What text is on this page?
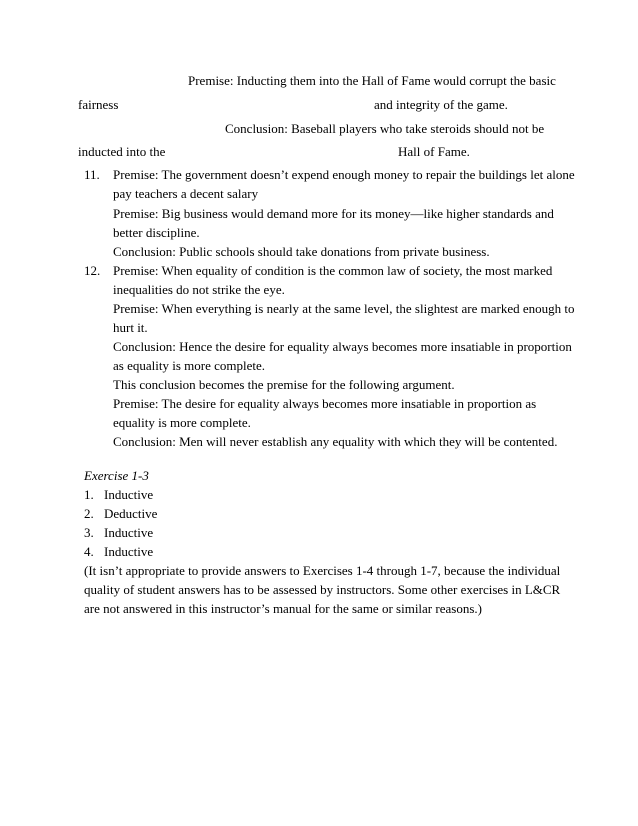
Premise: Inducting them into the Hall of Fame would corrupt the basic
fairness	and integrity of the game.
Conclusion: Baseball players who take steroids should not be
inducted into the	Hall of Fame.
11. Premise: The government doesn’t expend enough money to repair the buildings let alone
pay teachers a decent salary
Premise: Big business would demand more for its money—like higher standards and
better discipline.
Conclusion: Public schools should take donations from private business.
12. Premise: When equality of condition is the common law of society, the most marked
inequalities do not strike the eye.
Premise: When everything is nearly at the same level, the slightest are marked enough to
hurt it.
Conclusion: Hence the desire for equality always becomes more insatiable in proportion
as equality is more complete.
This conclusion becomes the premise for the following argument.
Premise: The desire for equality always becomes more insatiable in proportion as
equality is more complete.
Conclusion: Men will never establish any equality with which they will be contented.
Exercise 1-3
1. Inductive
2. Deductive
3. Inductive
4. Inductive
(It isn’t appropriate to provide answers to Exercises 1-4 through 1-7, because the individual
quality of student answers has to be assessed by instructors. Some other exercises in L&CR
are not answered in this instructor’s manual for the same or similar reasons.)
